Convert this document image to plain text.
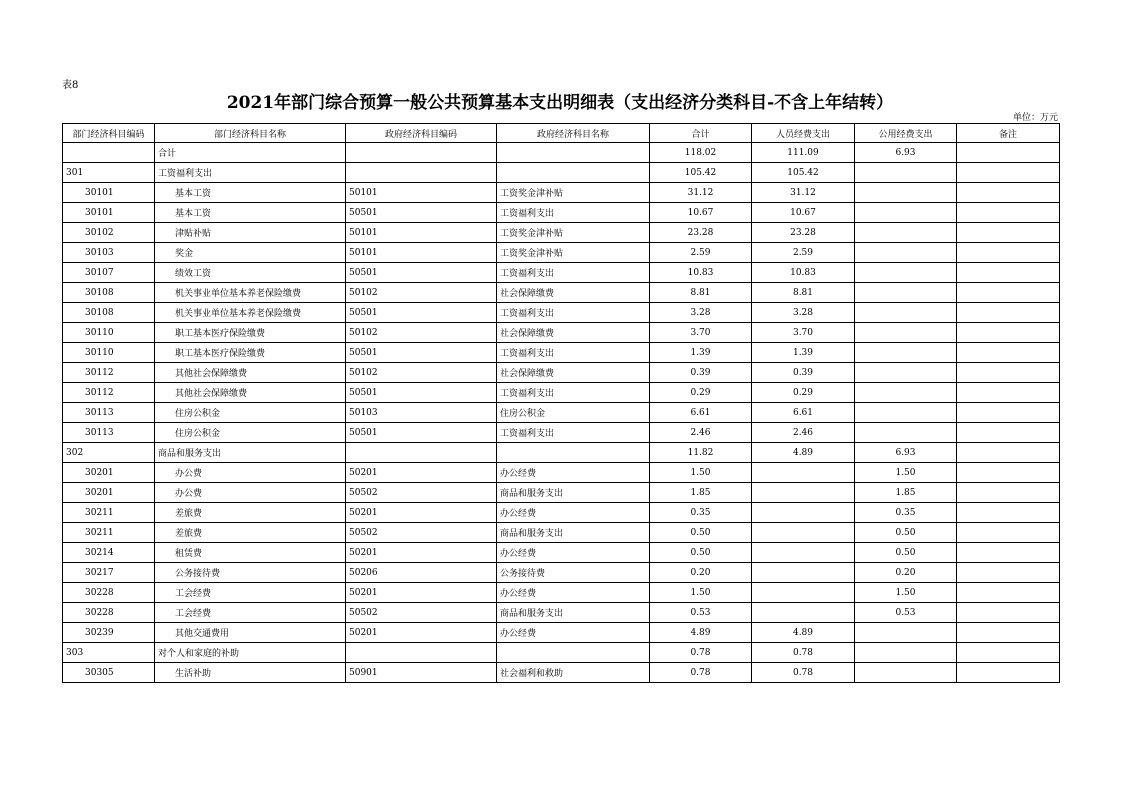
表8
2021年部门综合预算一般公共预算基本支出明细表（支出经济分类科目-不含上年结转）
单位：万元
部门经济科目编码	部门经济科目名称	政府经济科目编码	政府经济科目名称	合计	人员经费支出	公用经费支出	备注
	合计			118.02	111.09	6.93	
301	工资福利支出			105.42	105.42		
30101	基本工资	50101	工资奖金津补贴	31.12	31.12		
30101	基本工资	50501	工资福利支出	10.67	10.67		
30102	津贴补贴	50101	工资奖金津补贴	23.28	23.28		
30103	奖金	50101	工资奖金津补贴	2.59	2.59		
30107	绩效工资	50501	工资福利支出	10.83	10.83		
30108	机关事业单位基本养老保险缴费	50102	社会保障缴费	8.81	8.81		
30108	机关事业单位基本养老保险缴费	50501	工资福利支出	3.28	3.28		
30110	职工基本医疗保险缴费	50102	社会保障缴费	3.70	3.70		
30110	职工基本医疗保险缴费	50501	工资福利支出	1.39	1.39		
30112	其他社会保障缴费	50102	社会保障缴费	0.39	0.39		
30112	其他社会保障缴费	50501	工资福利支出	0.29	0.29		
30113	住房公积金	50103	住房公积金	6.61	6.61		
30113	住房公积金	50501	工资福利支出	2.46	2.46		
302	商品和服务支出			11.82	4.89	6.93	
30201	办公费	50201	办公经费	1.50		1.50	
30201	办公费	50502	商品和服务支出	1.85		1.85	
30211	差旅费	50201	办公经费	0.35		0.35	
30211	差旅费	50502	商品和服务支出	0.50		0.50	
30214	租赁费	50201	办公经费	0.50		0.50	
30217	公务接待费	50206	公务接待费	0.20		0.20	
30228	工会经费	50201	办公经费	1.50		1.50	
30228	工会经费	50502	商品和服务支出	0.53		0.53	
30239	其他交通费用	50201	办公经费	4.89	4.89		
303	对个人和家庭的补助			0.78	0.78		
30305	生活补助	50901	社会福利和救助	0.78	0.78		
